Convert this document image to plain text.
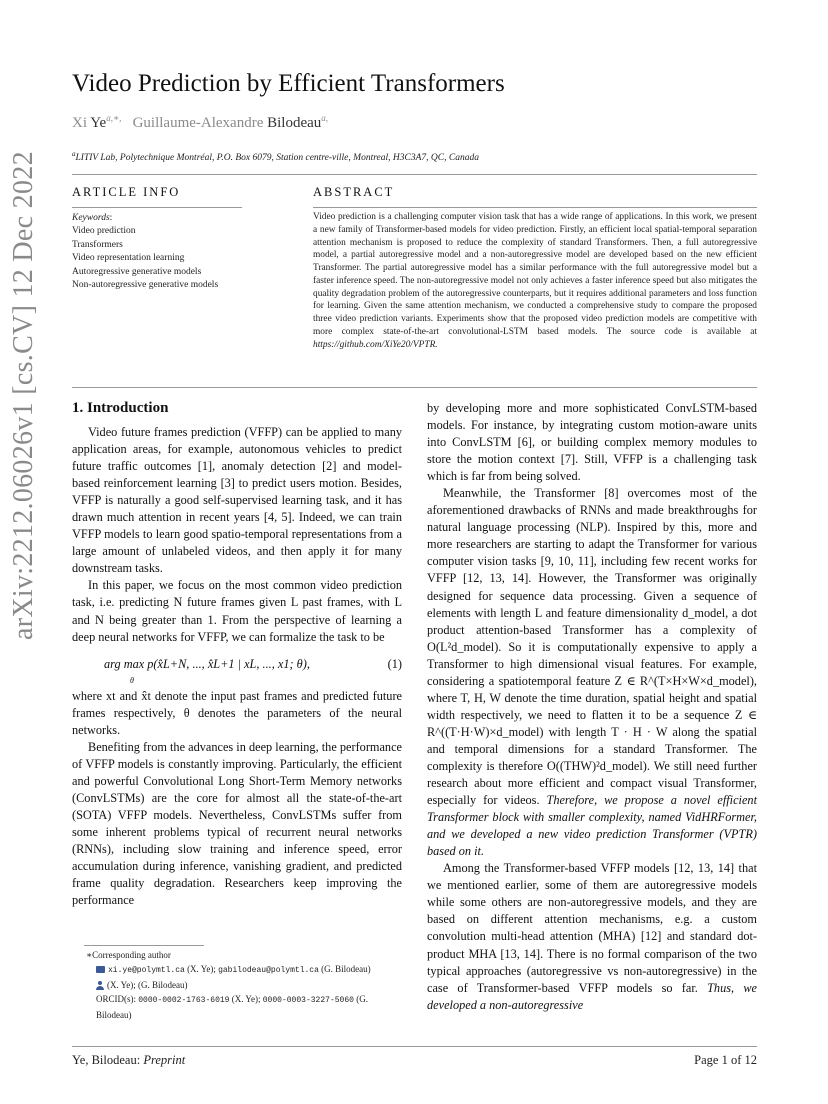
arXiv:2212.06026v1 [cs.CV] 12 Dec 2022
Video Prediction by Efficient Transformers
Xi $Ye^{a,∗,}$ Guillaume-Alexandre Bilodeau$^{a,}$
$^a$LITIV Lab, Polytechnique Montréal, P.O. Box 6079, Station centre-ville, Montreal, H3C3A7, QC, Canada
ARTICLE INFO
Keywords:
Video prediction
Transformers
Video representation learning
Autoregressive generative models
Non-autoregressive generative models
ABSTRACT
Video prediction is a challenging computer vision task that has a wide range of applications. In this work, we present a new family of Transformer-based models for video prediction. Firstly, an efficient local spatial-temporal separation attention mechanism is proposed to reduce the complexity of standard Transformers. Then, a full autoregressive model, a partial autoregressive model and a non-autoregressive model are developed based on the new efficient Transformer. The partial autoregressive model has a similar performance with the full autoregressive model but a faster inference speed. The non-autoregressive model not only achieves a faster inference speed but also mitigates the quality degradation problem of the autoregressive counterparts, but it requires additional parameters and loss function for learning. Given the same attention mechanism, we conducted a comprehensive study to compare the proposed three video prediction variants. Experiments show that the proposed video prediction models are competitive with more complex state-of-the-art convolutional-LSTM based models. The source code is available at https://github.com/XiYe20/VPTR.
1. Introduction

Video future frames prediction (VFFP) can be applied to many application areas, for example, autonomous vehicles to predict future traffic outcomes [1], anomaly detection [2] and model-based reinforcement learning [3] to predict users motion. Besides, VFFP is naturally a good self-supervised learning task, and it has drawn much attention in recent years [4, 5]. Indeed, we can train VFFP models to learn good spatio-temporal representations from a large amount of unlabeled videos, and then apply it for many downstream tasks.

In this paper, we focus on the most common video prediction task, i.e. predicting N future frames given L past frames, with L and N being greater than 1. From the perspective of learning a deep neural networks for VFFP, we can formalize the task to be

arg max p(x̂L+N, ..., x̂L+1 | xL, ..., x1; θ),
θ
(1)

where xt and x̂t denote the input past frames and predicted future frames respectively, θ denotes the parameters of the neural networks.

Benefiting from the advances in deep learning, the performance of VFFP models is constantly improving. Particularly, the efficient and powerful Convolutional Long Short-Term Memory networks (ConvLSTMs) are the core for almost all the state-of-the-art (SOTA) VFFP models. Nevertheless, ConvLSTMs suffer from some inherent problems typical of recurrent neural networks (RNNs), including slow training and inference speed, error accumulation during inference, vanishing gradient, and predicted frame quality degradation. Researchers keep improving the performance

∗Corresponding author
xi.ye@polymtl.ca (X. Ye); gabilodeau@polymtl.ca (G. Bilodeau)
(X. Ye); (G. Bilodeau)
ORCID(s): 0000-0002-1763-6019 (X. Ye); 0000-0003-3227-5060 (G. Bilodeau)

by developing more and more sophisticated ConvLSTM-based models. For instance, by integrating custom motion-aware units into ConvLSTM [6], or building complex memory modules to store the motion context [7]. Still, VFFP is a challenging task which is far from being solved.

Meanwhile, the Transformer [8] overcomes most of the aforementioned drawbacks of RNNs and made breakthroughs for natural language processing (NLP). Inspired by this, more and more researchers are starting to adapt the Transformer for various computer vision tasks [9, 10, 11], including few recent works for VFFP [12, 13, 14]. However, the Transformer was originally designed for sequence data processing. Given a sequence of elements with length L and feature dimensionality d_model, a dot product attention-based Transformer has a complexity of O(L²d_model). So it is computationally expensive to apply a Transformer to high dimensional visual features. For example, considering a spatiotemporal feature Z ∈ R^(T×H×W×d_model), where T, H, W denote the time duration, spatial height and spatial width respectively, we need to flatten it to be a sequence Z ∈ R^((T·H·W)×d_model) with length T · H · W along the spatial and temporal dimensions for a standard Transformer. The complexity is therefore O((THW)²d_model). We still need further research about more efficient and compact visual Transformer, especially for videos. Therefore, we propose a novel efficient Transformer block with smaller complexity, named VidHRFormer, and we developed a new video prediction Transformer (VPTR) based on it.

Among the Transformer-based VFFP models [12, 13, 14] that we mentioned earlier, some of them are autoregressive models while some others are non-autoregressive models, and they are based on different attention mechanisms, e.g. a custom convolution multi-head attention (MHA) [12] and standard dot-product MHA [13, 14]. There is no formal comparison of the two typical approaches (autoregressive vs non-autoregressive) in the case of Transformer-based VFFP models so far. Thus, we developed a non-autoregressive

Ye, Bilodeau: Preprint	Page 1 of 12
